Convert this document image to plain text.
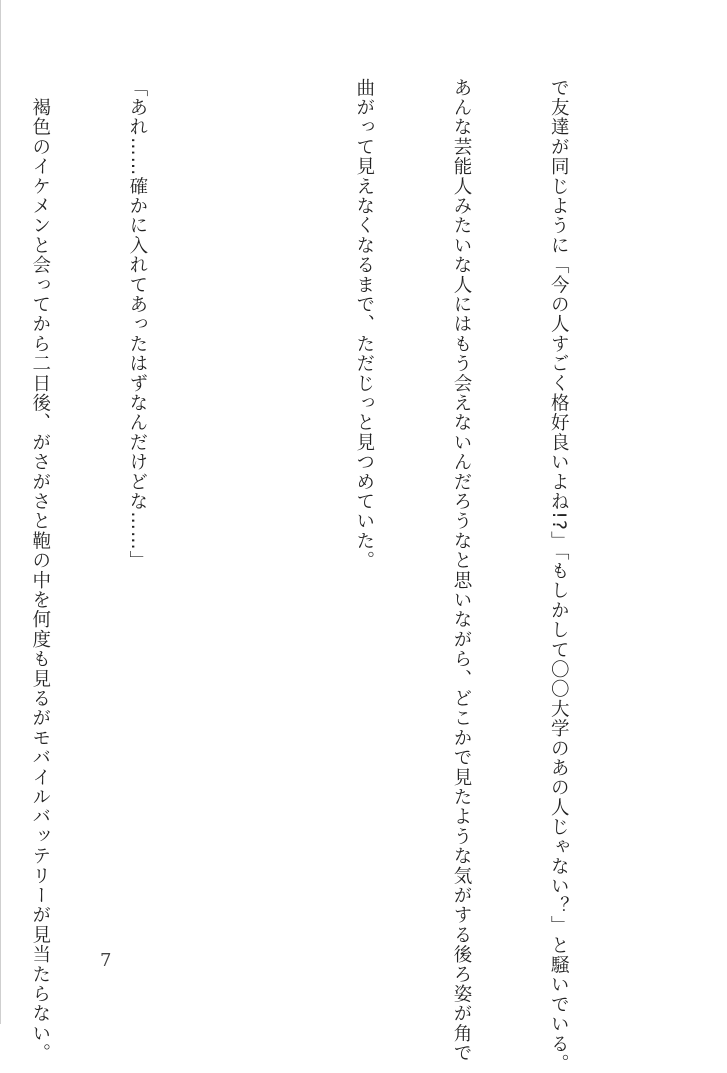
で友達が同じように「今の人すごく格好良いよね!?」「もしかして〇〇大学のあの人じゃない？」と騒いでいる。

あんな芸能人みたいな人にはもう会えないんだろうなと思いながら、どこかで見たような気がする後ろ姿が角で

曲がって見えなくなるまで、ただじっと見つめていた。

「あれ……確かに入れてあったはずなんだけどな……」

　褐色のイケメンと会ってから二日後、がさがさと鞄の中を何度も見るがモバイルバッテリーが見当たらない。

	7
